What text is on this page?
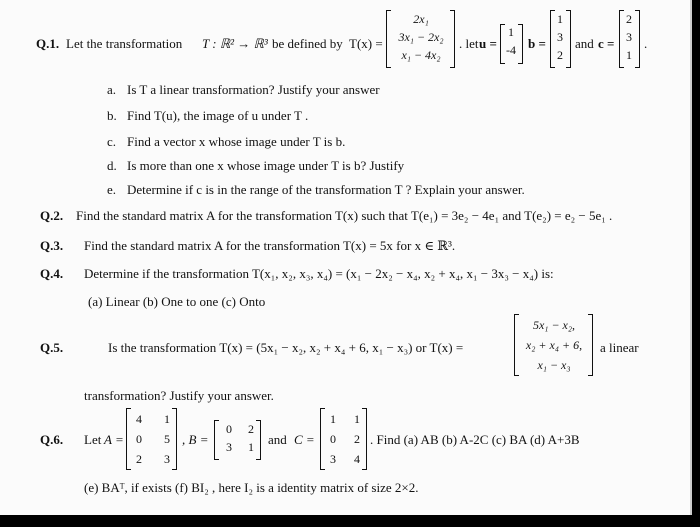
Q.1. Let the transformation T : ℝ² → ℝ³ be defined by T(x) =
2x₁
3x₁ − 2x₂
x₁ − 4x₂
. let u =
1
-4 b =
1
3
2
and c =
2
3
1
.
a. Is T a linear transformation? Justify your answer
b. Find T(u), the image of u under T .
c. Find a vector x whose image under T is b.
d. Is more than one x whose image under T is b? Justify
e. Determine if c is in the range of the transformation T ? Explain your answer.
Q.2. Find the standard matrix A for the transformation T(x) such that T(e₁) = 3e₂ − 4e₁ and T(e₂) = e₂ − 5e₁ .
Q.3. Find the standard matrix A for the transformation T(x) = 5x for x ∈ ℝ³.
Q.4. Determine if the transformation T(x₁, x₂, x₃, x₄) = (x₁ − 2x₂ − x₄, x₂ + x₄, x₁ − 3x₃ − x₄) is:
(a) Linear (b) One to one (c) Onto
Q.5.	Is the transformation T(x) = (5x₁ − x₂, x₂ + x₄ + 6, x₁ − x₃) or T(x) =
5x₁ − x₂,
x₂ + x₄ + 6,
x₁ − x₃
a linear
transformation? Justify your answer.
Q.6. Let A =
4 1
0 5
2 3
, B =
0 2
3 1 and C =
1 1
0 2
3 4
. Find (a) AB (b) A-2C (c) BA (d) A+3B
(e) BAᵀ, if exists (f) BI₂ , here I₂ is a identity matrix of size 2×2.
